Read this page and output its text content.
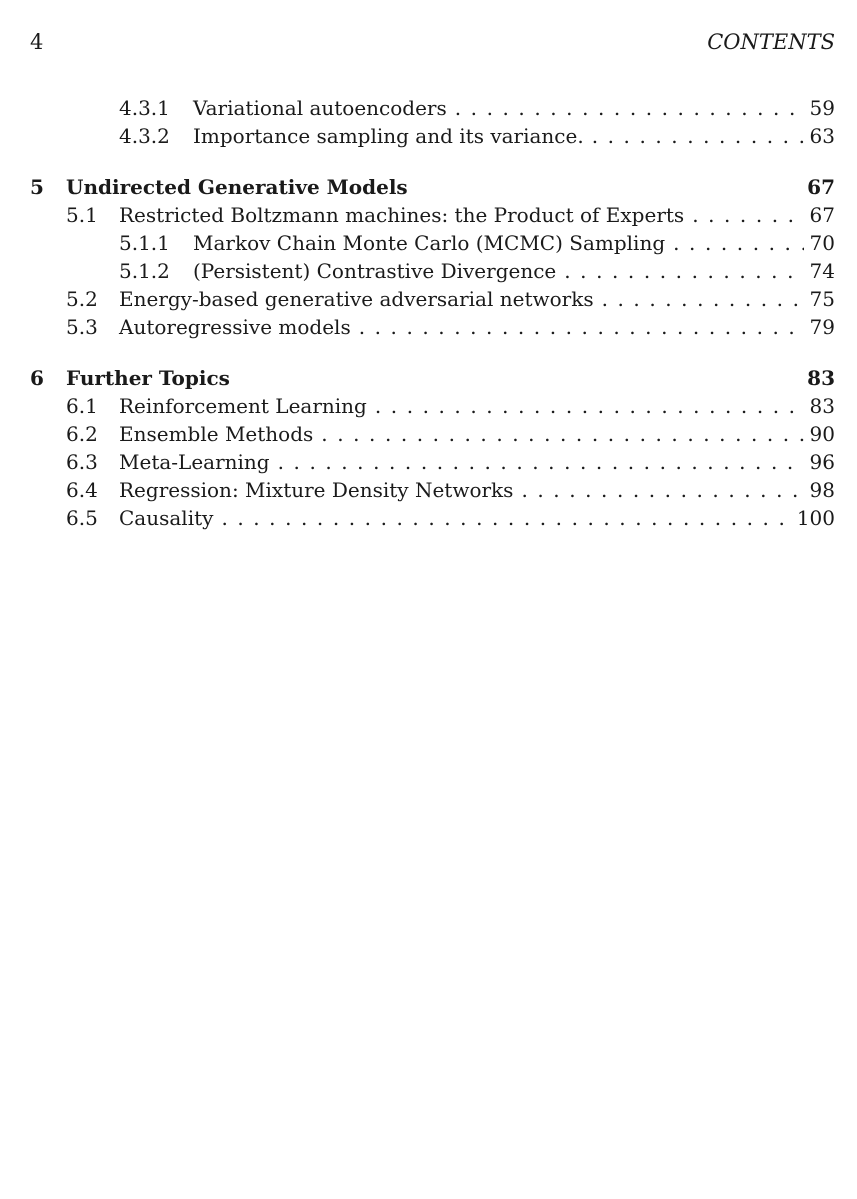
4	CONTENTS
4.3.1	Variational autoencoders . . .	59
4.3.2	Importance sampling and its variance. . . .	63
5	Undirected Generative Models	67
5.1	Restricted Boltzmann machines: the Product of Experts . . .	67
5.1.1	Markov Chain Monte Carlo (MCMC) Sampling . . .	70
5.1.2	(Persistent) Contrastive Divergence . . .	74
5.2	Energy-based generative adversarial networks . . .	75
5.3	Autoregressive models . . .	79
6	Further Topics	83
6.1	Reinforcement Learning . . .	83
6.2	Ensemble Methods . . .	90
6.3	Meta-Learning . . .	96
6.4	Regression: Mixture Density Networks . . .	98
6.5	Causality . . .	100
